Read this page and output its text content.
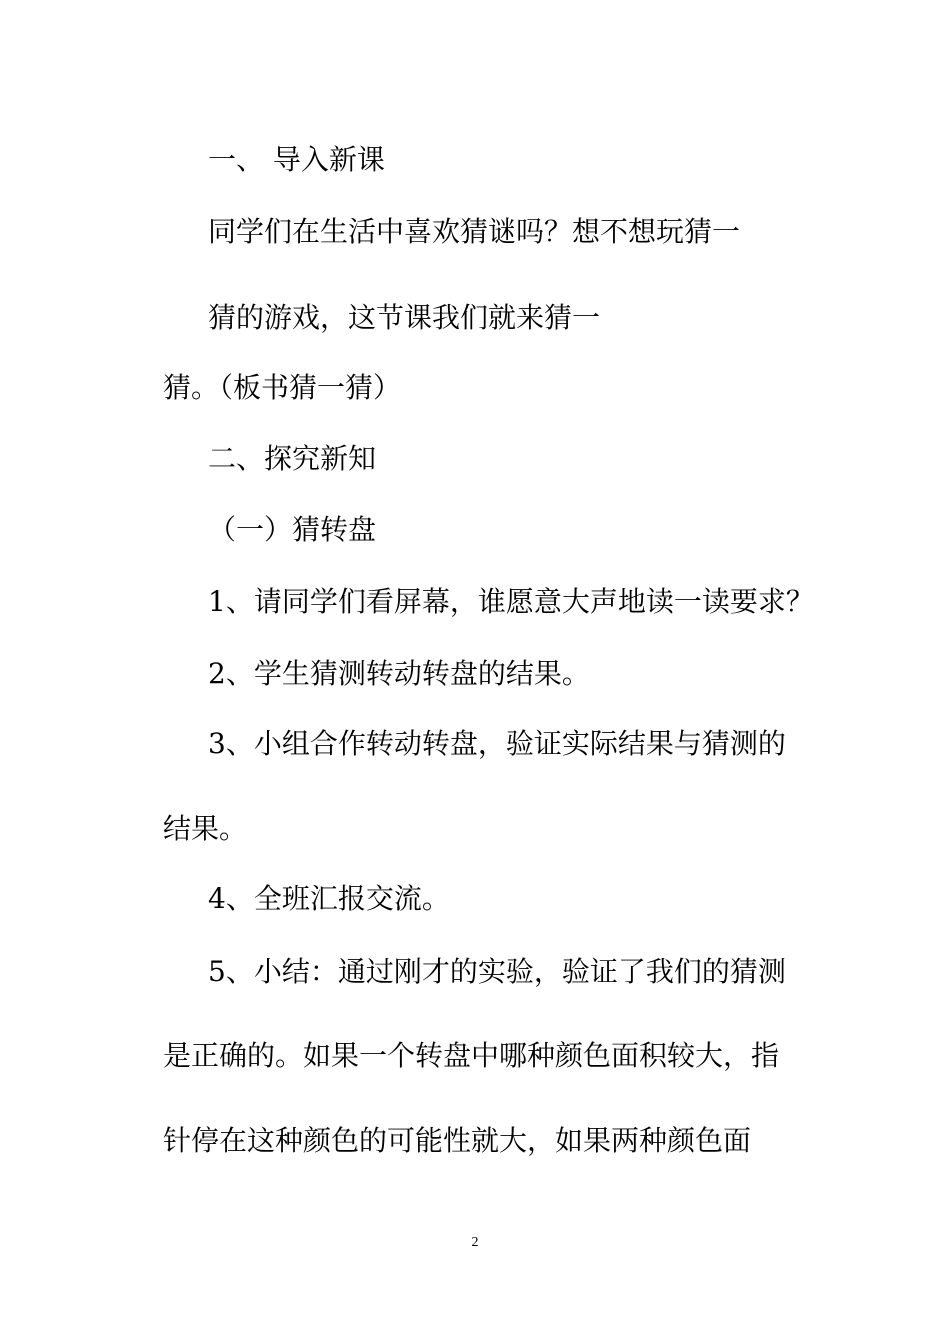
一、 导入新课

同学们在生活中喜欢猜谜吗？想不想玩猜一

猜的游戏，这节课我们就来猜一

猜。（板书猜一猜）

二、探究新知

（一）猜转盘

1、请同学们看屏幕，谁愿意大声地读一读要求？

2、学生猜测转动转盘的结果。

3、小组合作转动转盘，验证实际结果与猜测的

结果。

4、全班汇报交流。

5、小结：通过刚才的实验，验证了我们的猜测

是正确的。如果一个转盘中哪种颜色面积较大，指

针停在这种颜色的可能性就大，如果两种颜色面

2
